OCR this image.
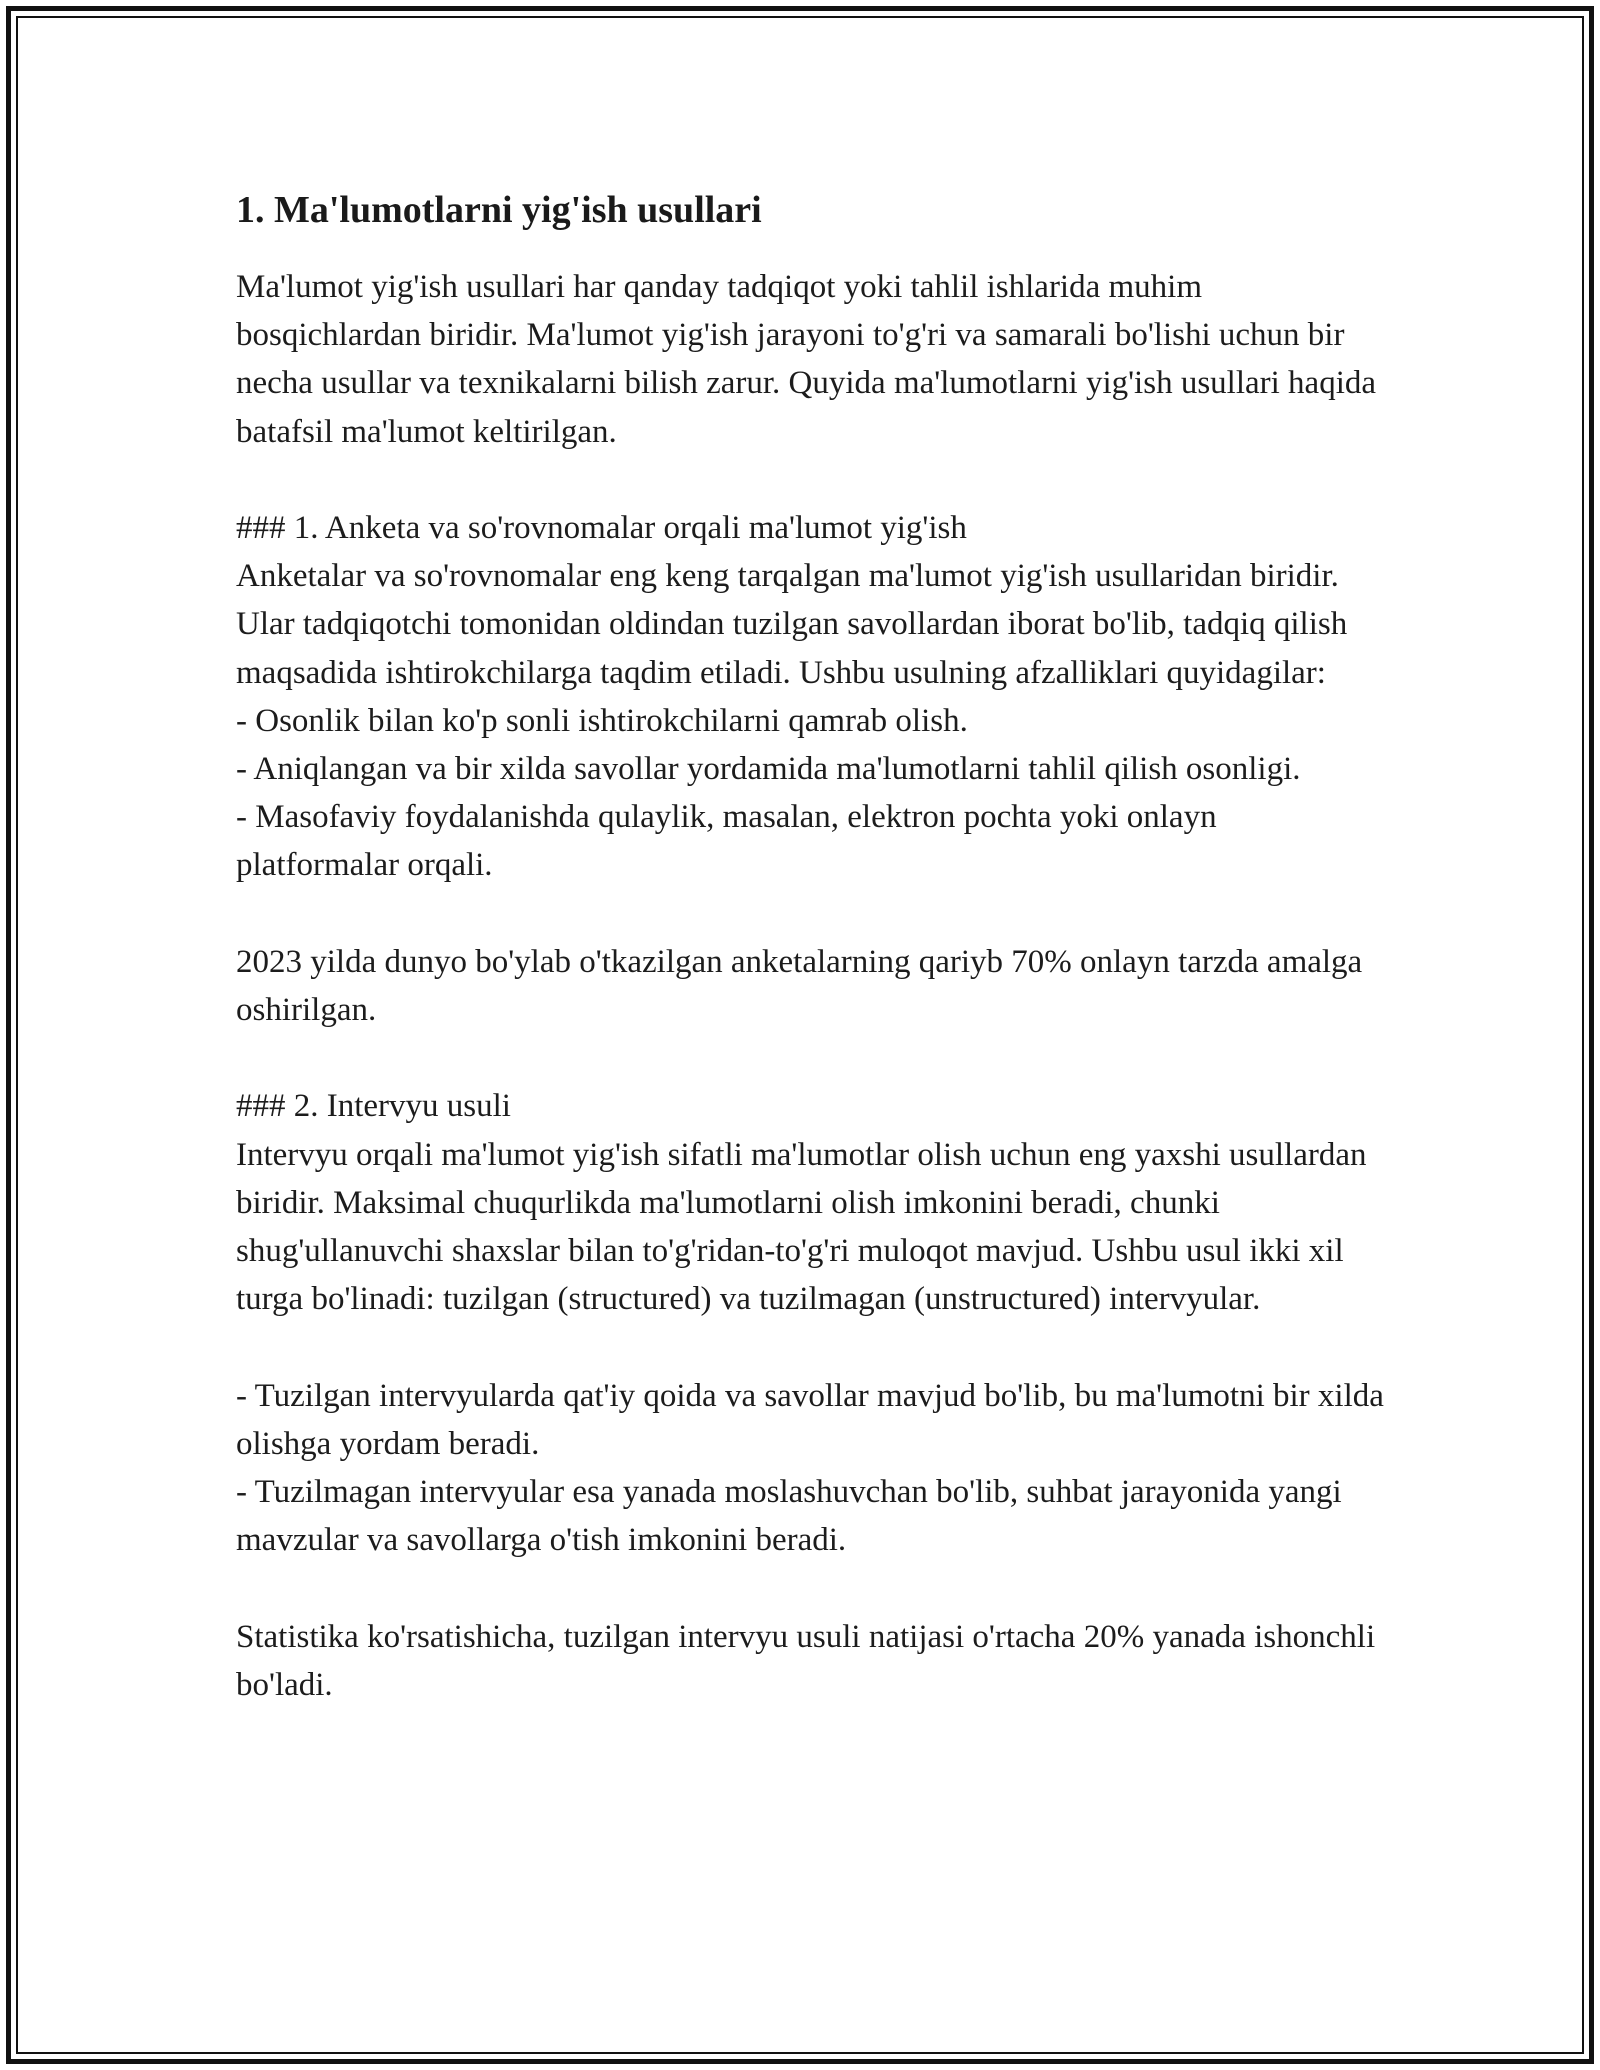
1. Ma'lumotlarni yig'ish usullari

Ma'lumot yig'ish usullari har qanday tadqiqot yoki tahlil ishlarida muhim bosqichlardan biridir. Ma'lumot yig'ish jarayoni to'g'ri va samarali bo'lishi uchun bir necha usullar va texnikalarni bilish zarur. Quyida ma'lumotlarni yig'ish usullari haqida batafsil ma'lumot keltirilgan.

### 1. Anketa va so'rovnomalar orqali ma'lumot yig'ish

Anketalar va so'rovnomalar eng keng tarqalgan ma'lumot yig'ish usullaridan biridir. Ular tadqiqotchi tomonidan oldindan tuzilgan savollardan iborat bo'lib, tadqiq qilish maqsadida ishtirokchilarga taqdim etiladi. Ushbu usulning afzalliklari quyidagilar:

- Osonlik bilan ko'p sonli ishtirokchilarni qamrab olish.

- Aniqlangan va bir xilda savollar yordamida ma'lumotlarni tahlil qilish osonligi.

- Masofaviy foydalanishda qulaylik, masalan, elektron pochta yoki onlayn platformalar orqali.

2023 yilda dunyo bo'ylab o'tkazilgan anketalarning qariyb 70% onlayn tarzda amalga oshirilgan.

### 2. Intervyu usuli

Intervyu orqali ma'lumot yig'ish sifatli ma'lumotlar olish uchun eng yaxshi usullardan biridir. Maksimal chuqurlikda ma'lumotlarni olish imkonini beradi, chunki shug'ullanuvchi shaxslar bilan to'g'ridan-to'g'ri muloqot mavjud. Ushbu usul ikki xil turga bo'linadi: tuzilgan (structured) va tuzilmagan (unstructured) intervyular.

- Tuzilgan intervyularda qat'iy qoida va savollar mavjud bo'lib, bu ma'lumotni bir xilda olishga yordam beradi.

- Tuzilmagan intervyular esa yanada moslashuvchan bo'lib, suhbat jarayonida yangi mavzular va savollarga o'tish imkonini beradi.

Statistika ko'rsatishicha, tuzilgan intervyu usuli natijasi o'rtacha 20% yanada ishonchli bo'ladi.
